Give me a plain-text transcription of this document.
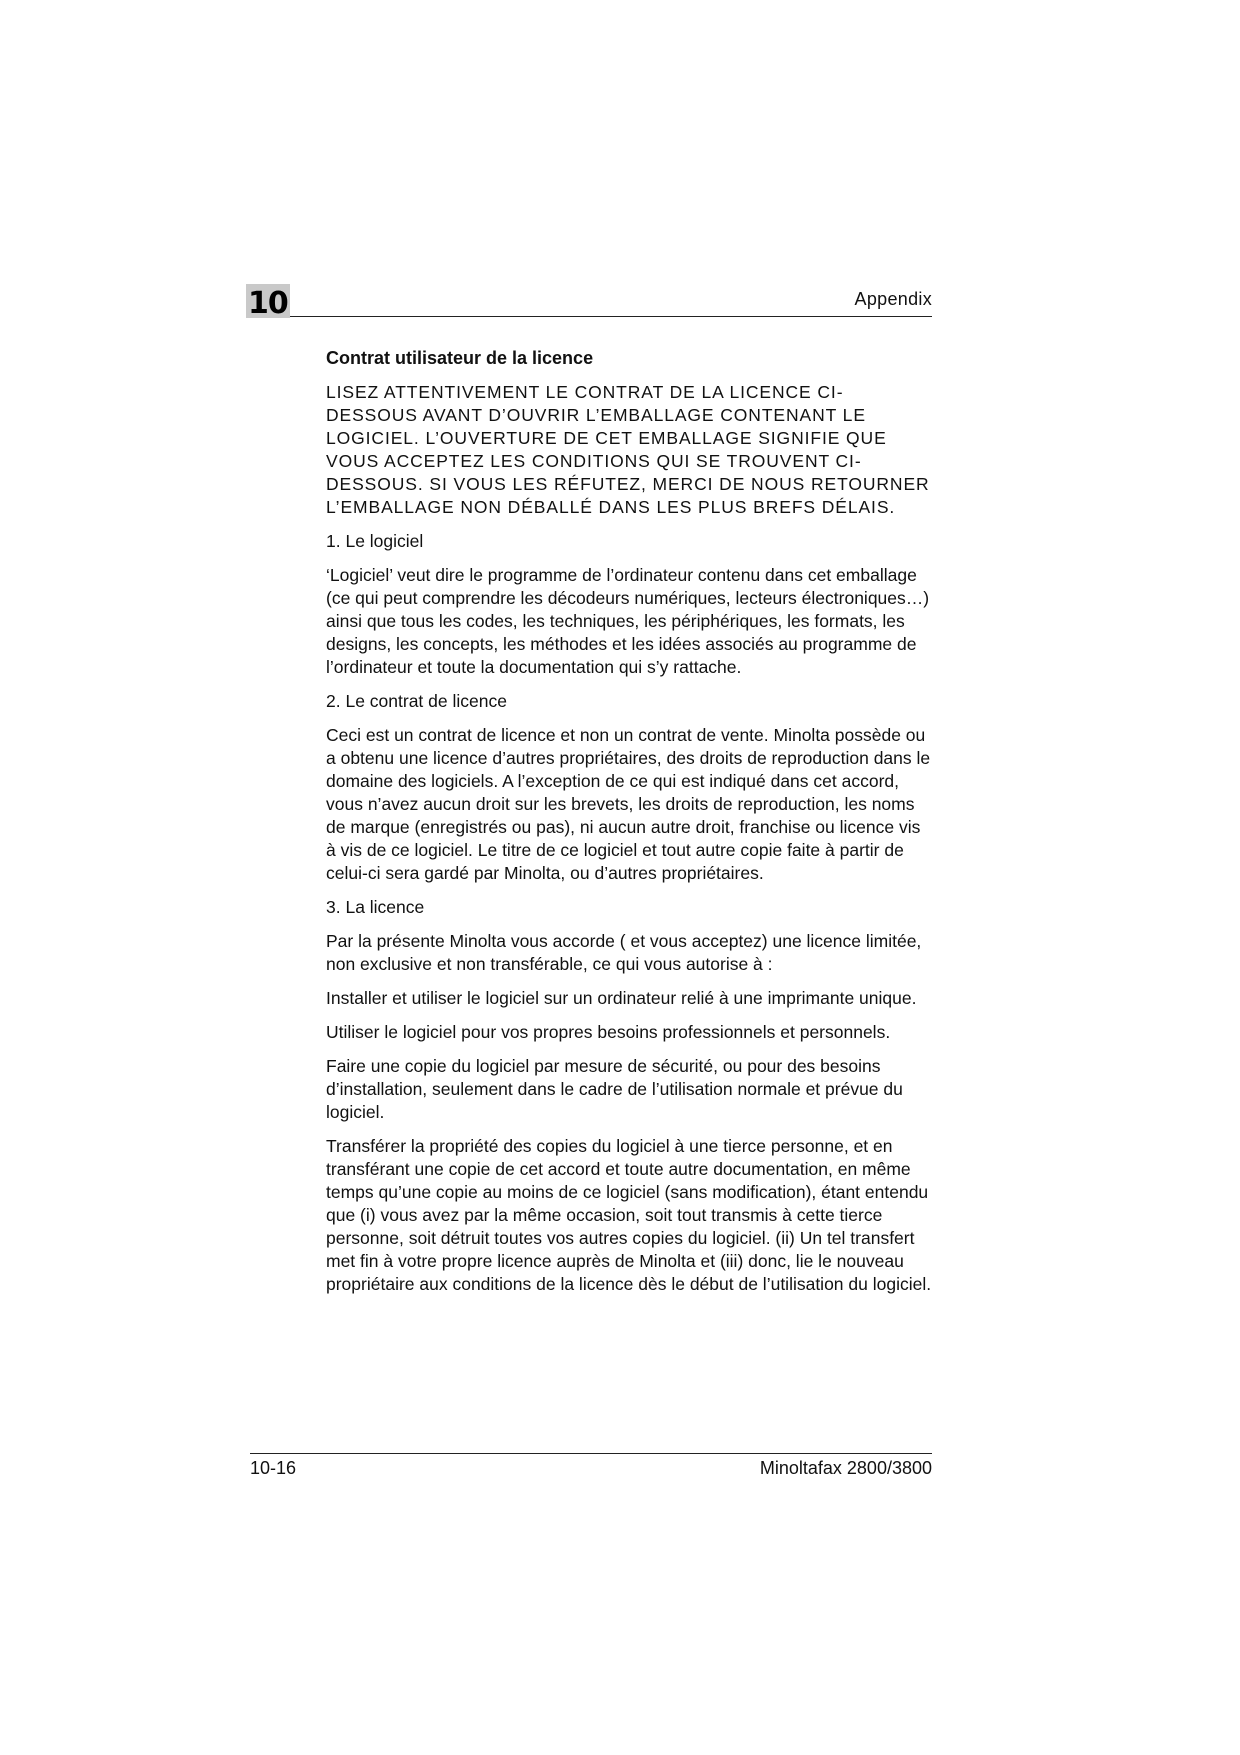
10	Appendix

Contrat utilisateur de la licence

LISEZ ATTENTIVEMENT LE CONTRAT DE LA LICENCE CI-DESSOUS AVANT D’OUVRIR L’EMBALLAGE CONTENANT LE LOGICIEL. L’OUVERTURE DE CET EMBALLAGE SIGNIFIE QUE VOUS ACCEPTEZ LES CONDITIONS QUI SE TROUVENT CI-DESSOUS. SI VOUS LES RÉFUTEZ, MERCI DE NOUS RETOURNER L’EMBALLAGE NON DÉBALLÉ DANS LES PLUS BREFS DÉLAIS.

1. Le logiciel

‘Logiciel’ veut dire le programme de l’ordinateur contenu dans cet emballage (ce qui peut comprendre les décodeurs numériques, lecteurs électroniques…) ainsi que tous les codes, les techniques, les périphériques, les formats, les designs, les concepts, les méthodes et les idées associés au programme de l’ordinateur et toute la documentation qui s’y rattache.

2. Le contrat de licence

Ceci est un contrat de licence et non un contrat de vente. Minolta possède ou a obtenu une licence d’autres propriétaires, des droits de reproduction dans le domaine des logiciels. A l’exception de ce qui est indiqué dans cet accord, vous n’avez aucun droit sur les brevets, les droits de reproduction, les noms de marque (enregistrés ou pas), ni aucun autre droit, franchise ou licence vis à vis de ce logiciel. Le titre de ce logiciel et tout autre copie faite à partir de celui-ci sera gardé par Minolta, ou d’autres propriétaires.

3. La licence

Par la présente Minolta vous accorde ( et vous acceptez) une licence limitée, non exclusive et non transférable, ce qui vous autorise à :

Installer et utiliser le logiciel sur un ordinateur relié à une imprimante unique.

Utiliser le logiciel pour vos propres besoins professionnels et personnels.

Faire une copie du logiciel par mesure de sécurité, ou pour des besoins d’installation, seulement dans le cadre de l’utilisation normale et prévue du logiciel.

Transférer la propriété des copies du logiciel à une tierce personne, et en transférant une copie de cet accord et toute autre documentation, en même temps qu’une copie au moins de ce logiciel (sans modification), étant entendu que (i) vous avez par la même occasion, soit tout transmis à cette tierce personne, soit détruit toutes vos autres copies du logiciel. (ii) Un tel transfert met fin à votre propre licence auprès de Minolta et (iii) donc, lie le nouveau propriétaire aux conditions de la licence dès le début de l’utilisation du logiciel.

10-16	Minoltafax 2800/3800
